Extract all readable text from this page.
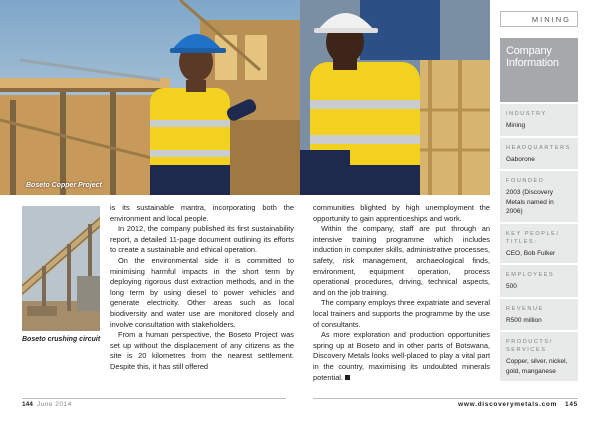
Boseto Copper Project
Boseto crushing circuit

is its sustainable mantra, incorporating both the environment and local people.

In 2012, the company published its first sustainability report, a detailed 11-page document outlining its efforts to create a sustainable and ethical operation.

On the environmental side it is committed to minimising harmful impacts in the short term by deploying rigorous dust extraction methods, and in the long term by using diesel to power vehicles and generate electricity. Other areas such as local biodiversity and water use are monitored closely and involve consultation with stakeholders.

From a human perspective, the Boseto Project was set up without the displacement of any citizens as the site is 20 kilometres from the nearest settlement. Despite this, it has still offered

communities blighted by high unemployment the opportunity to gain apprenticeships and work.

Within the company, staff are put through an intensive training programme which includes induction in computer skills, administrative processes, safety, risk management, archaeological finds, environment, equipment operation, process operational procedures, driving, technical aspects, and on the job training.

The company employs three expatriate and several local trainers and supports the programme by the use of consultants.

As more exploration and production opportunities spring up at Boseto and in other parts of Botswana, Discovery Metals looks well-placed to play a vital part in the country, maximising its undoubted minerals potential.

MINING
Company
Information
INDUSTRY
Mining
HEADQUARTERS
Gaborone
FOUNDED
2003 (Discovery Metals named in 2006)
KEY PEOPLE/ TITLES:
CEO, Bob Fulker
EMPLOYEES
500
REVENUE
R500 million
PRODUCTS/ SERVICES
Copper, silver, nickel, gold, manganese
144 June 2014	www.discoverymetals.com 145
